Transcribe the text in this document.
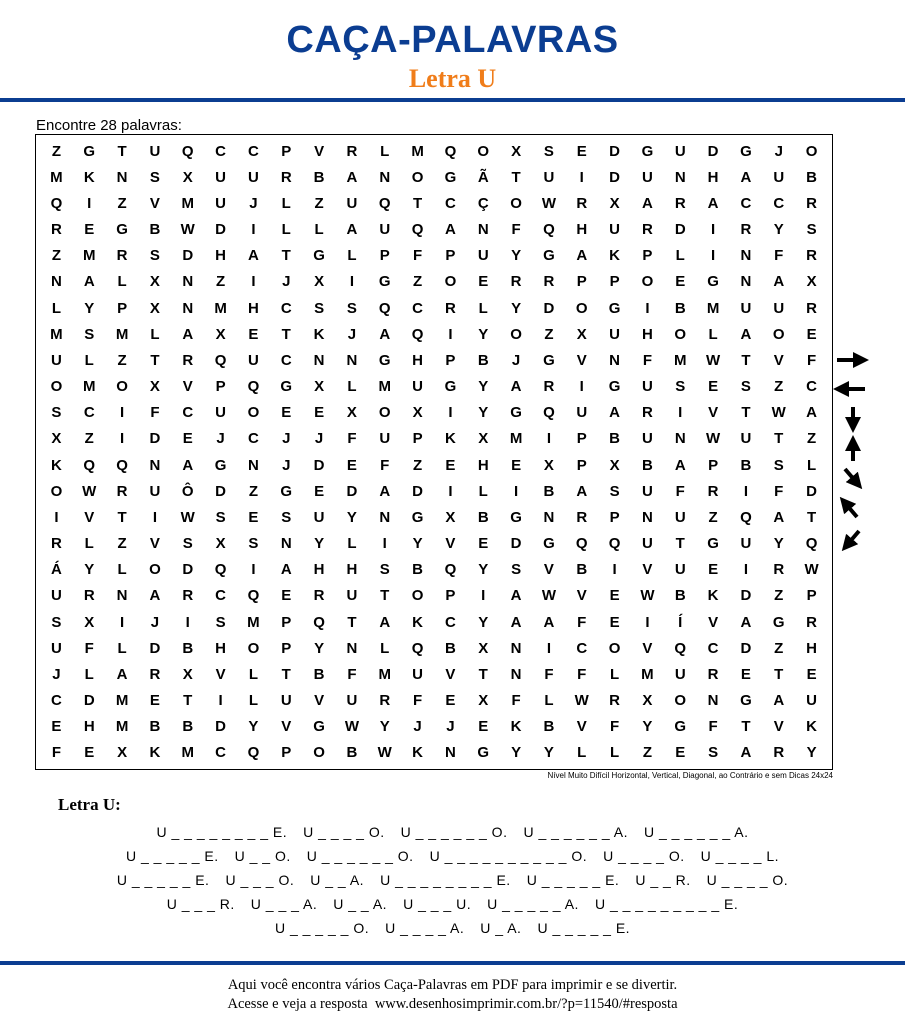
CAÇA-PALAVRAS
Letra U
Encontre 28 palavras:
Z	G	T	U	Q	C	C	P	V	R	L	M	Q	O	X	S	E	D	G	U	D	G	J	O
M	K	N	S	X	U	U	R	B	A	N	O	G	Ã	T	U	I	D	U	N	H	A	U	B
Q	I	Z	V	M	U	J	L	Z	U	Q	T	C	Ç	O	W	R	X	A	R	A	C	C	R
R	E	G	B	W	D	I	L	L	A	U	Q	A	N	F	Q	H	U	R	D	I	R	Y	S
Z	M	R	S	D	H	A	T	G	L	P	F	P	U	Y	G	A	K	P	L	I	N	F	R
N	A	L	X	N	Z	I	J	X	I	G	Z	O	E	R	R	P	P	O	E	G	N	A	X
L	Y	P	X	N	M	H	C	S	S	Q	C	R	L	Y	D	O	G	I	B	M	U	U	R
M	S	M	L	A	X	E	T	K	J	A	Q	I	Y	O	Z	X	U	H	O	L	A	O	E
U	L	Z	T	R	Q	U	C	N	N	G	H	P	B	J	G	V	N	F	M	W	T	V	F
O	M	O	X	V	P	Q	G	X	L	M	U	G	Y	A	R	I	G	U	S	E	S	Z	C
S	C	I	F	C	U	O	E	E	X	O	X	I	Y	G	Q	U	A	R	I	V	T	W	A
X	Z	I	D	E	J	C	J	J	F	U	P	K	X	M	I	P	B	U	N	W	U	T	Z
K	Q	Q	N	A	G	N	J	D	E	F	Z	E	H	E	X	P	X	B	A	P	B	S	L
O	W	R	U	Ô	D	Z	G	E	D	A	D	I	L	I	B	A	S	U	F	R	I	F	D
I	V	T	I	W	S	E	S	U	Y	N	G	X	B	G	N	R	P	N	U	Z	Q	A	T
R	L	Z	V	S	X	S	N	Y	L	I	Y	V	E	D	G	Q	Q	U	T	G	U	Y	Q
Á	Y	L	O	D	Q	I	A	H	H	S	B	Q	Y	S	V	B	I	V	U	E	I	R	W
U	R	N	A	R	C	Q	E	R	U	T	O	P	I	A	W	V	E	W	B	K	D	Z	P
S	X	I	J	I	S	M	P	Q	T	A	K	C	Y	A	A	F	E	I	Í	V	A	G	R
U	F	L	D	B	H	O	P	Y	N	L	Q	B	X	N	I	C	O	V	Q	C	D	Z	H
J	L	A	R	X	V	L	T	B	F	M	U	V	T	N	F	F	L	M	U	R	E	T	E
C	D	M	E	T	I	L	U	V	U	R	F	E	X	F	L	W	R	X	O	N	G	A	U
E	H	M	B	B	D	Y	V	G	W	Y	J	J	E	K	B	V	F	Y	G	F	T	V	K
F	E	X	K	M	C	Q	P	O	B	W	K	N	G	Y	Y	L	L	Z	E	S	A	R	Y
Nível Muito Difícil Horizontal, Vertical, Diagonal, ao Contrário e sem Dicas 24x24
Letra U:
U _ _ _ _ _ _ _ _ E. U _ _ _ _ O. U _ _ _ _ _ _ O. U _ _ _ _ _ _ A. U _ _ _ _ _ _ A.
U _ _ _ _ _ E. U _ _ O. U _ _ _ _ _ _ O. U _ _ _ _ _ _ _ _ _ _ O. U _ _ _ _ O. U _ _ _ _ L.
U _ _ _ _ _ E. U _ _ _ O. U _ _ A. U _ _ _ _ _ _ _ _ E. U _ _ _ _ _ E. U _ _ R. U _ _ _ _ O.
U _ _ _ R. U _ _ _ A. U _ _ A. U _ _ _ U. U _ _ _ _ _ A. U _ _ _ _ _ _ _ _ _ E.
U _ _ _ _ _ O. U _ _ _ _ A. U _ A. U _ _ _ _ _ E.
Aqui você encontra vários Caça-Palavras em PDF para imprimir e se divertir.
Acesse e veja a resposta  www.desenhosimprimir.com.br/?p=11540/#resposta
